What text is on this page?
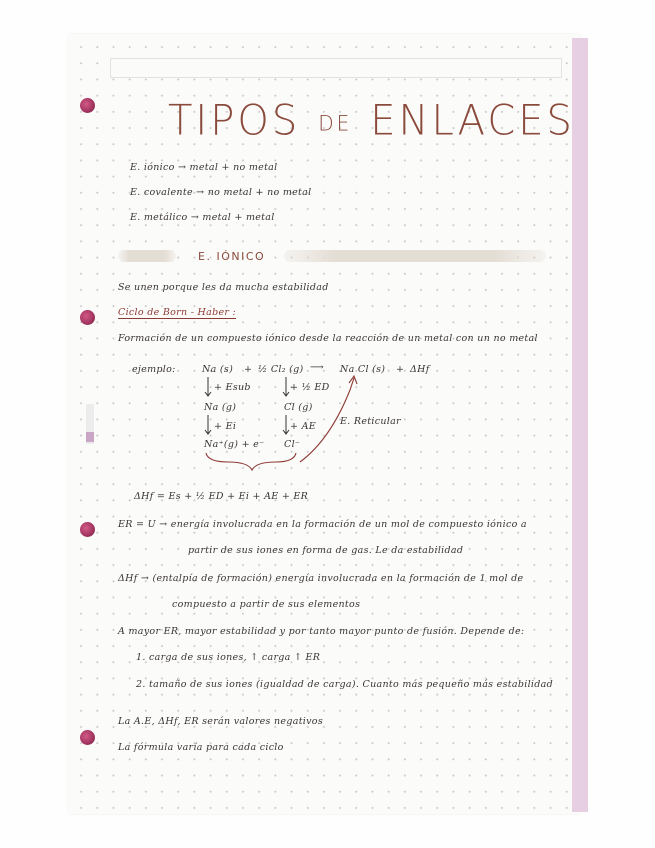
TIPOS DE ENLACES
E. iónico → metal + no metal
E. covalente → no metal + no metal
E. metálico → metal + metal
E. IÓNICO
Se unen porque les da mucha estabilidad
Ciclo de Born - Haber :
Formación de un compuesto iónico desde la reacción de un metal con un no metal
ejemplo:	Na (s) + ½ Cl₂ (g) ⟶ Na Cl (s) + ΔHf
+ Esub	+ ½ ED
Na (g)	Cl (g)
+ Ei	+ AE
Na⁺(g) + e⁻ Cl⁻
E. Reticular
ΔHf = Es + ½ ED + Ei + AE + ER
ER = U → energía involucrada en la formación de un mol de compuesto iónico a
partir de sus iones en forma de gas. Le da estabilidad
ΔHf → (entalpía de formación) energía involucrada en la formación de 1 mol de
compuesto a partir de sus elementos
A mayor ER, mayor estabilidad y por tanto mayor punto de fusión. Depende de:
1. carga de sus iones, ↑ carga ↑ ER
2. tamaño de sus iones (igualdad de carga). Cuanto más pequeño más estabilidad
La A.E, ΔHf, ER serán valores negativos
La fórmula varía para cada ciclo
